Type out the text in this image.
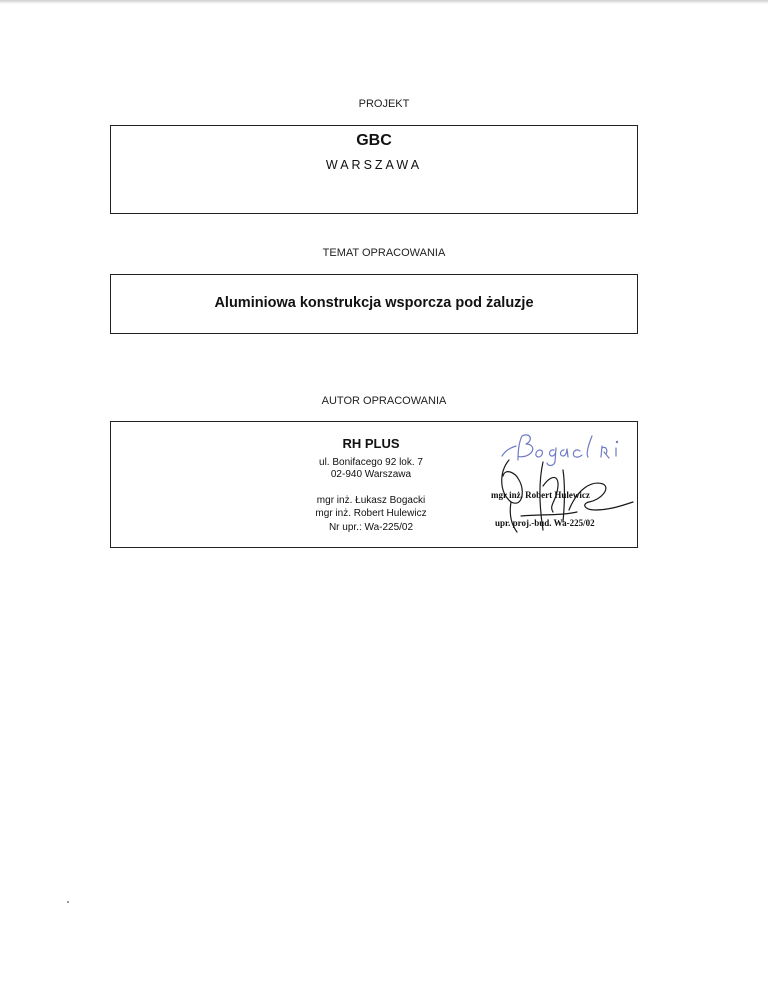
PROJEKT
GBC
WARSZAWA
TEMAT OPRACOWANIA
Aluminiowa konstrukcja wsporcza pod żaluzje
AUTOR OPRACOWANIA
RH PLUS
ul. Bonifacego 92 lok. 7
02-940 Warszawa
mgr inż. Łukasz Bogacki
mgr inż. Robert Hulewicz
Nr upr.: Wa-225/02
mgr inż. Robert Hulewicz
upr. proj.-bud. Wa-225/02
